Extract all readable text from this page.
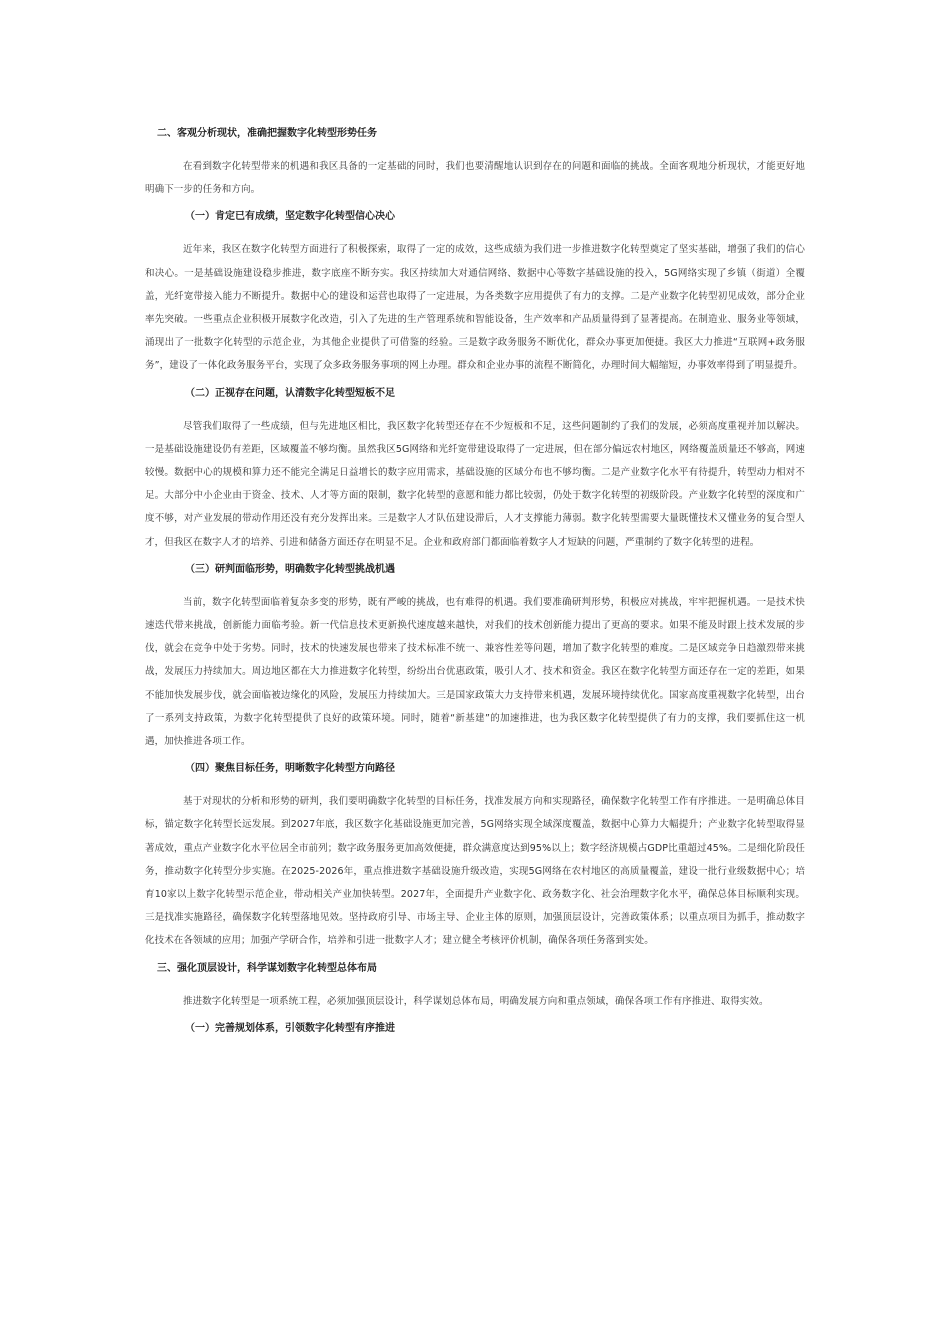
二、客观分析现状，准确把握数字化转型形势任务

在看到数字化转型带来的机遇和我区具备的一定基础的同时，我们也要清醒地认识到存在的问题和面临的挑战。全面客观地分析现状，才能更好地明确下一步的任务和方向。

（一）肯定已有成绩，坚定数字化转型信心决心

近年来，我区在数字化转型方面进行了积极探索，取得了一定的成效，这些成绩为我们进一步推进数字化转型奠定了坚实基础，增强了我们的信心和决心。一是基础设施建设稳步推进，数字底座不断夯实。我区持续加大对通信网络、数据中心等数字基础设施的投入，5G网络实现了乡镇（街道）全覆盖，光纤宽带接入能力不断提升。数据中心的建设和运营也取得了一定进展，为各类数字应用提供了有力的支撑。二是产业数字化转型初见成效，部分企业率先突破。一些重点企业积极开展数字化改造，引入了先进的生产管理系统和智能设备，生产效率和产品质量得到了显著提高。在制造业、服务业等领域，涌现出了一批数字化转型的示范企业，为其他企业提供了可借鉴的经验。三是数字政务服务不断优化，群众办事更加便捷。我区大力推进“互联网+政务服务”，建设了一体化政务服务平台，实现了众多政务服务事项的网上办理。群众和企业办事的流程不断简化，办理时间大幅缩短，办事效率得到了明显提升。

（二）正视存在问题，认清数字化转型短板不足

尽管我们取得了一些成绩，但与先进地区相比，我区数字化转型还存在不少短板和不足，这些问题制约了我们的发展，必须高度重视并加以解决。一是基础设施建设仍有差距，区域覆盖不够均衡。虽然我区5G网络和光纤宽带建设取得了一定进展，但在部分偏远农村地区，网络覆盖质量还不够高，网速较慢。数据中心的规模和算力还不能完全满足日益增长的数字应用需求，基础设施的区域分布也不够均衡。二是产业数字化水平有待提升，转型动力相对不足。大部分中小企业由于资金、技术、人才等方面的限制，数字化转型的意愿和能力都比较弱，仍处于数字化转型的初级阶段。产业数字化转型的深度和广度不够，对产业发展的带动作用还没有充分发挥出来。三是数字人才队伍建设滞后，人才支撑能力薄弱。数字化转型需要大量既懂技术又懂业务的复合型人才，但我区在数字人才的培养、引进和储备方面还存在明显不足。企业和政府部门都面临着数字人才短缺的问题，严重制约了数字化转型的进程。

（三）研判面临形势，明确数字化转型挑战机遇

当前，数字化转型面临着复杂多变的形势，既有严峻的挑战，也有难得的机遇。我们要准确研判形势，积极应对挑战，牢牢把握机遇。一是技术快速迭代带来挑战，创新能力面临考验。新一代信息技术更新换代速度越来越快，对我们的技术创新能力提出了更高的要求。如果不能及时跟上技术发展的步伐，就会在竞争中处于劣势。同时，技术的快速发展也带来了技术标准不统一、兼容性差等问题，增加了数字化转型的难度。二是区域竞争日趋激烈带来挑战，发展压力持续加大。周边地区都在大力推进数字化转型，纷纷出台优惠政策，吸引人才、技术和资金。我区在数字化转型方面还存在一定的差距，如果不能加快发展步伐，就会面临被边缘化的风险，发展压力持续加大。三是国家政策大力支持带来机遇，发展环境持续优化。国家高度重视数字化转型，出台了一系列支持政策，为数字化转型提供了良好的政策环境。同时，随着“新基建”的加速推进，也为我区数字化转型提供了有力的支撑，我们要抓住这一机遇，加快推进各项工作。

（四）聚焦目标任务，明晰数字化转型方向路径

基于对现状的分析和形势的研判，我们要明确数字化转型的目标任务，找准发展方向和实现路径，确保数字化转型工作有序推进。一是明确总体目标，锚定数字化转型长远发展。到2027年底，我区数字化基础设施更加完善，5G网络实现全域深度覆盖，数据中心算力大幅提升；产业数字化转型取得显著成效，重点产业数字化水平位居全市前列；数字政务服务更加高效便捷，群众满意度达到95%以上；数字经济规模占GDP比重超过45%。二是细化阶段任务，推动数字化转型分步实施。在2025-2026年，重点推进数字基础设施升级改造，实现5G网络在农村地区的高质量覆盖，建设一批行业级数据中心；培育10家以上数字化转型示范企业，带动相关产业加快转型。2027年，全面提升产业数字化、政务数字化、社会治理数字化水平，确保总体目标顺利实现。三是找准实施路径，确保数字化转型落地见效。坚持政府引导、市场主导、企业主体的原则，加强顶层设计，完善政策体系；以重点项目为抓手，推动数字化技术在各领域的应用；加强产学研合作，培养和引进一批数字人才；建立健全考核评价机制，确保各项任务落到实处。

三、强化顶层设计，科学谋划数字化转型总体布局

推进数字化转型是一项系统工程，必须加强顶层设计，科学谋划总体布局，明确发展方向和重点领域，确保各项工作有序推进、取得实效。

（一）完善规划体系，引领数字化转型有序推进
